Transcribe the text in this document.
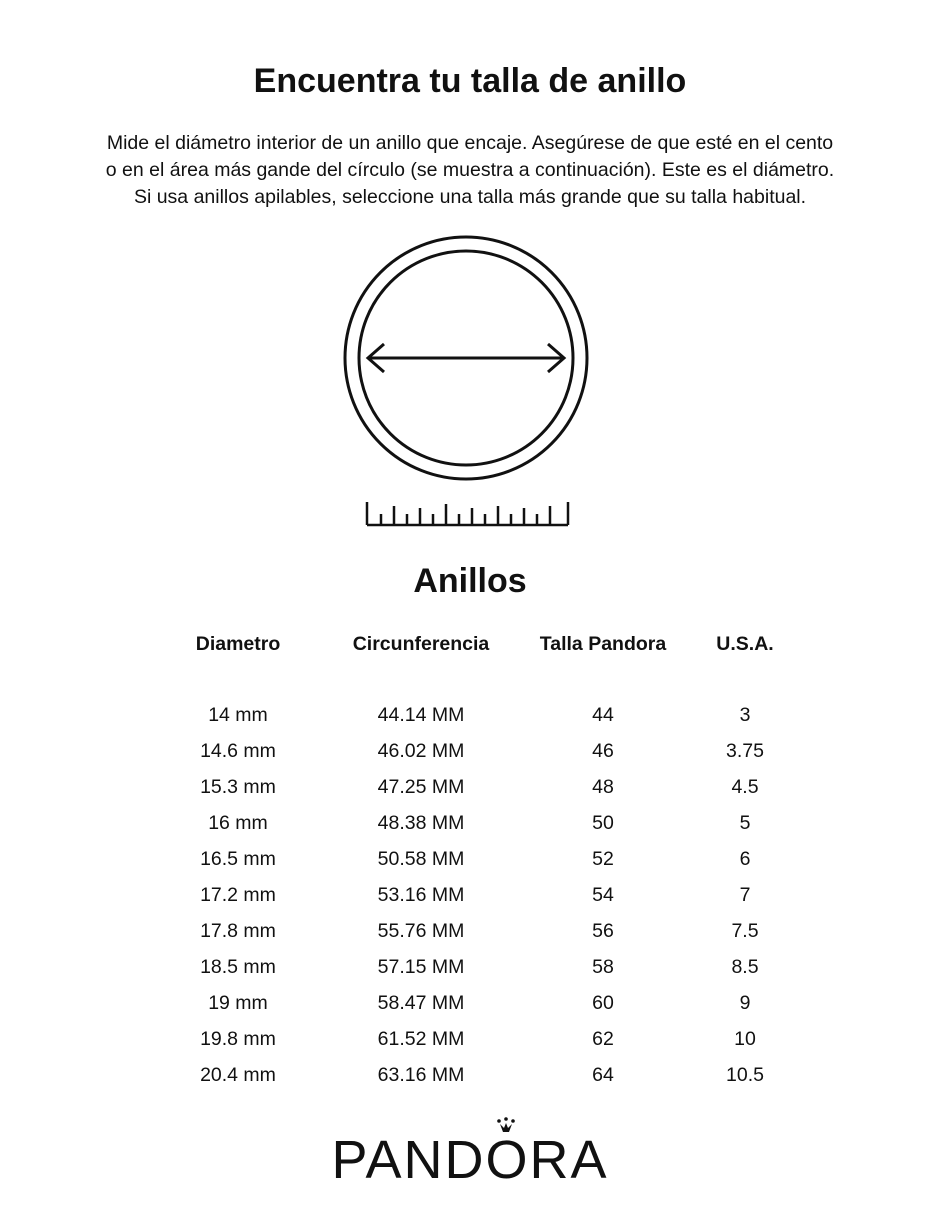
Encuentra tu talla de anillo
Mide el diámetro interior de un anillo que encaje. Asegúrese de que esté en el cento
o en el área más gande del círculo (se muestra a continuación). Este es el diámetro.
Si usa anillos apilables, seleccione una talla más grande que su talla habitual.
Anillos
Diametro	Circunferencia	Talla Pandora	U.S.A.

14 mm	44.14 MM	44	3
14.6 mm	46.02 MM	46	3.75
15.3 mm	47.25 MM	48	4.5
16 mm	48.38 MM	50	5
16.5 mm	50.58 MM	52	6
17.2 mm	53.16 MM	54	7
17.8 mm	55.76 MM	56	7.5
18.5 mm	57.15 MM	58	8.5
19 mm	58.47 MM	60	9
19.8 mm	61.52 MM	62	10
20.4 mm	63.16 MM	64	10.5
PANDORA
